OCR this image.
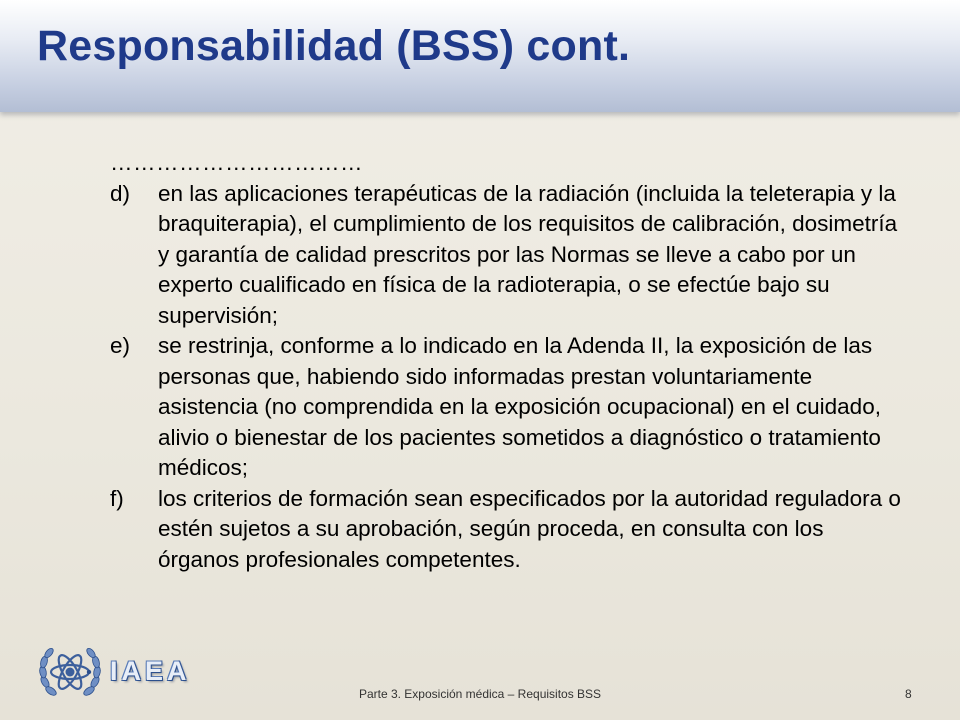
Responsabilidad (BSS) cont.
……………………………
d) en las aplicaciones terapéuticas de la radiación (incluida la teleterapia y la braquiterapia), el cumplimiento de los requisitos de calibración, dosimetría y garantía de calidad prescritos por las Normas se lleve a cabo por un experto cualificado en física de la radioterapia, o se efectúe bajo su supervisión;
e) se restrinja, conforme a lo indicado en la Adenda II, la exposición de las personas que, habiendo sido informadas prestan voluntariamente asistencia (no comprendida en la exposición ocupacional) en el cuidado, alivio o bienestar de los pacientes sometidos a diagnóstico o tratamiento médicos;
f) los criterios de formación sean especificados por la autoridad reguladora o estén sujetos a su aprobación, según proceda, en consulta con los órganos profesionales competentes.
IAEA
Parte 3. Exposición médica – Requisitos BSS	8
